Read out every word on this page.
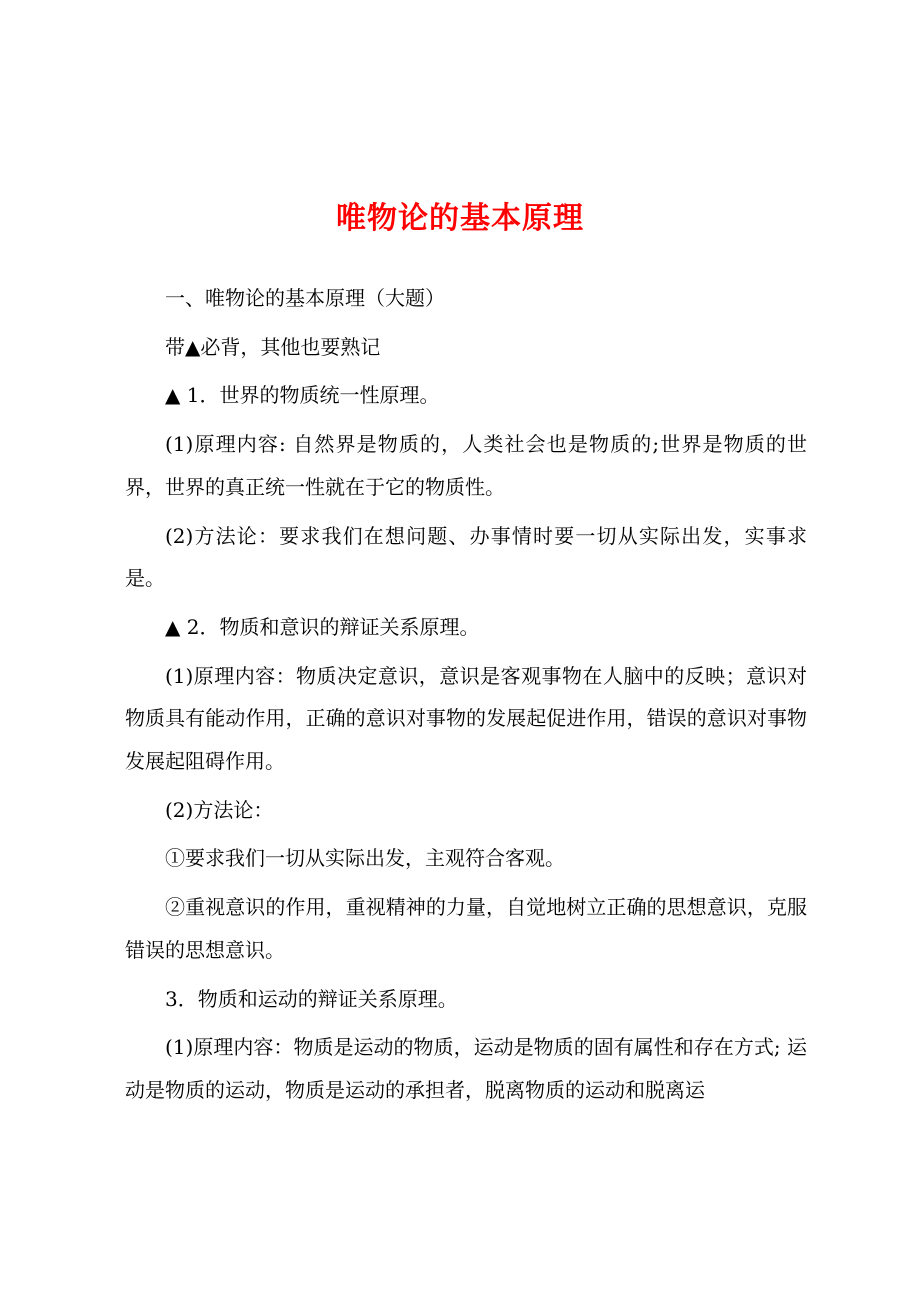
唯物论的基本原理

一、唯物论的基本原理（大题）

带▲必背，其他也要熟记

▲ 1．世界的物质统一性原理。

(1)原理内容: 自然界是物质的，人类社会也是物质的;世界是物质的世界，世界的真正统一性就在于它的物质性。

(2)方法论：要求我们在想问题、办事情时要一切从实际出发，实事求是。

▲ 2．物质和意识的辩证关系原理。

(1)原理内容：物质决定意识，意识是客观事物在人脑中的反映；意识对物质具有能动作用，正确的意识对事物的发展起促进作用，错误的意识对事物发展起阻碍作用。

(2)方法论：

①要求我们一切从实际出发，主观符合客观。

②重视意识的作用，重视精神的力量，自觉地树立正确的思想意识，克服错误的思想意识。

3．物质和运动的辩证关系原理。

(1)原理内容：物质是运动的物质，运动是物质的固有属性和存在方式; 运动是物质的运动，物质是运动的承担者，脱离物质的运动和脱离运
